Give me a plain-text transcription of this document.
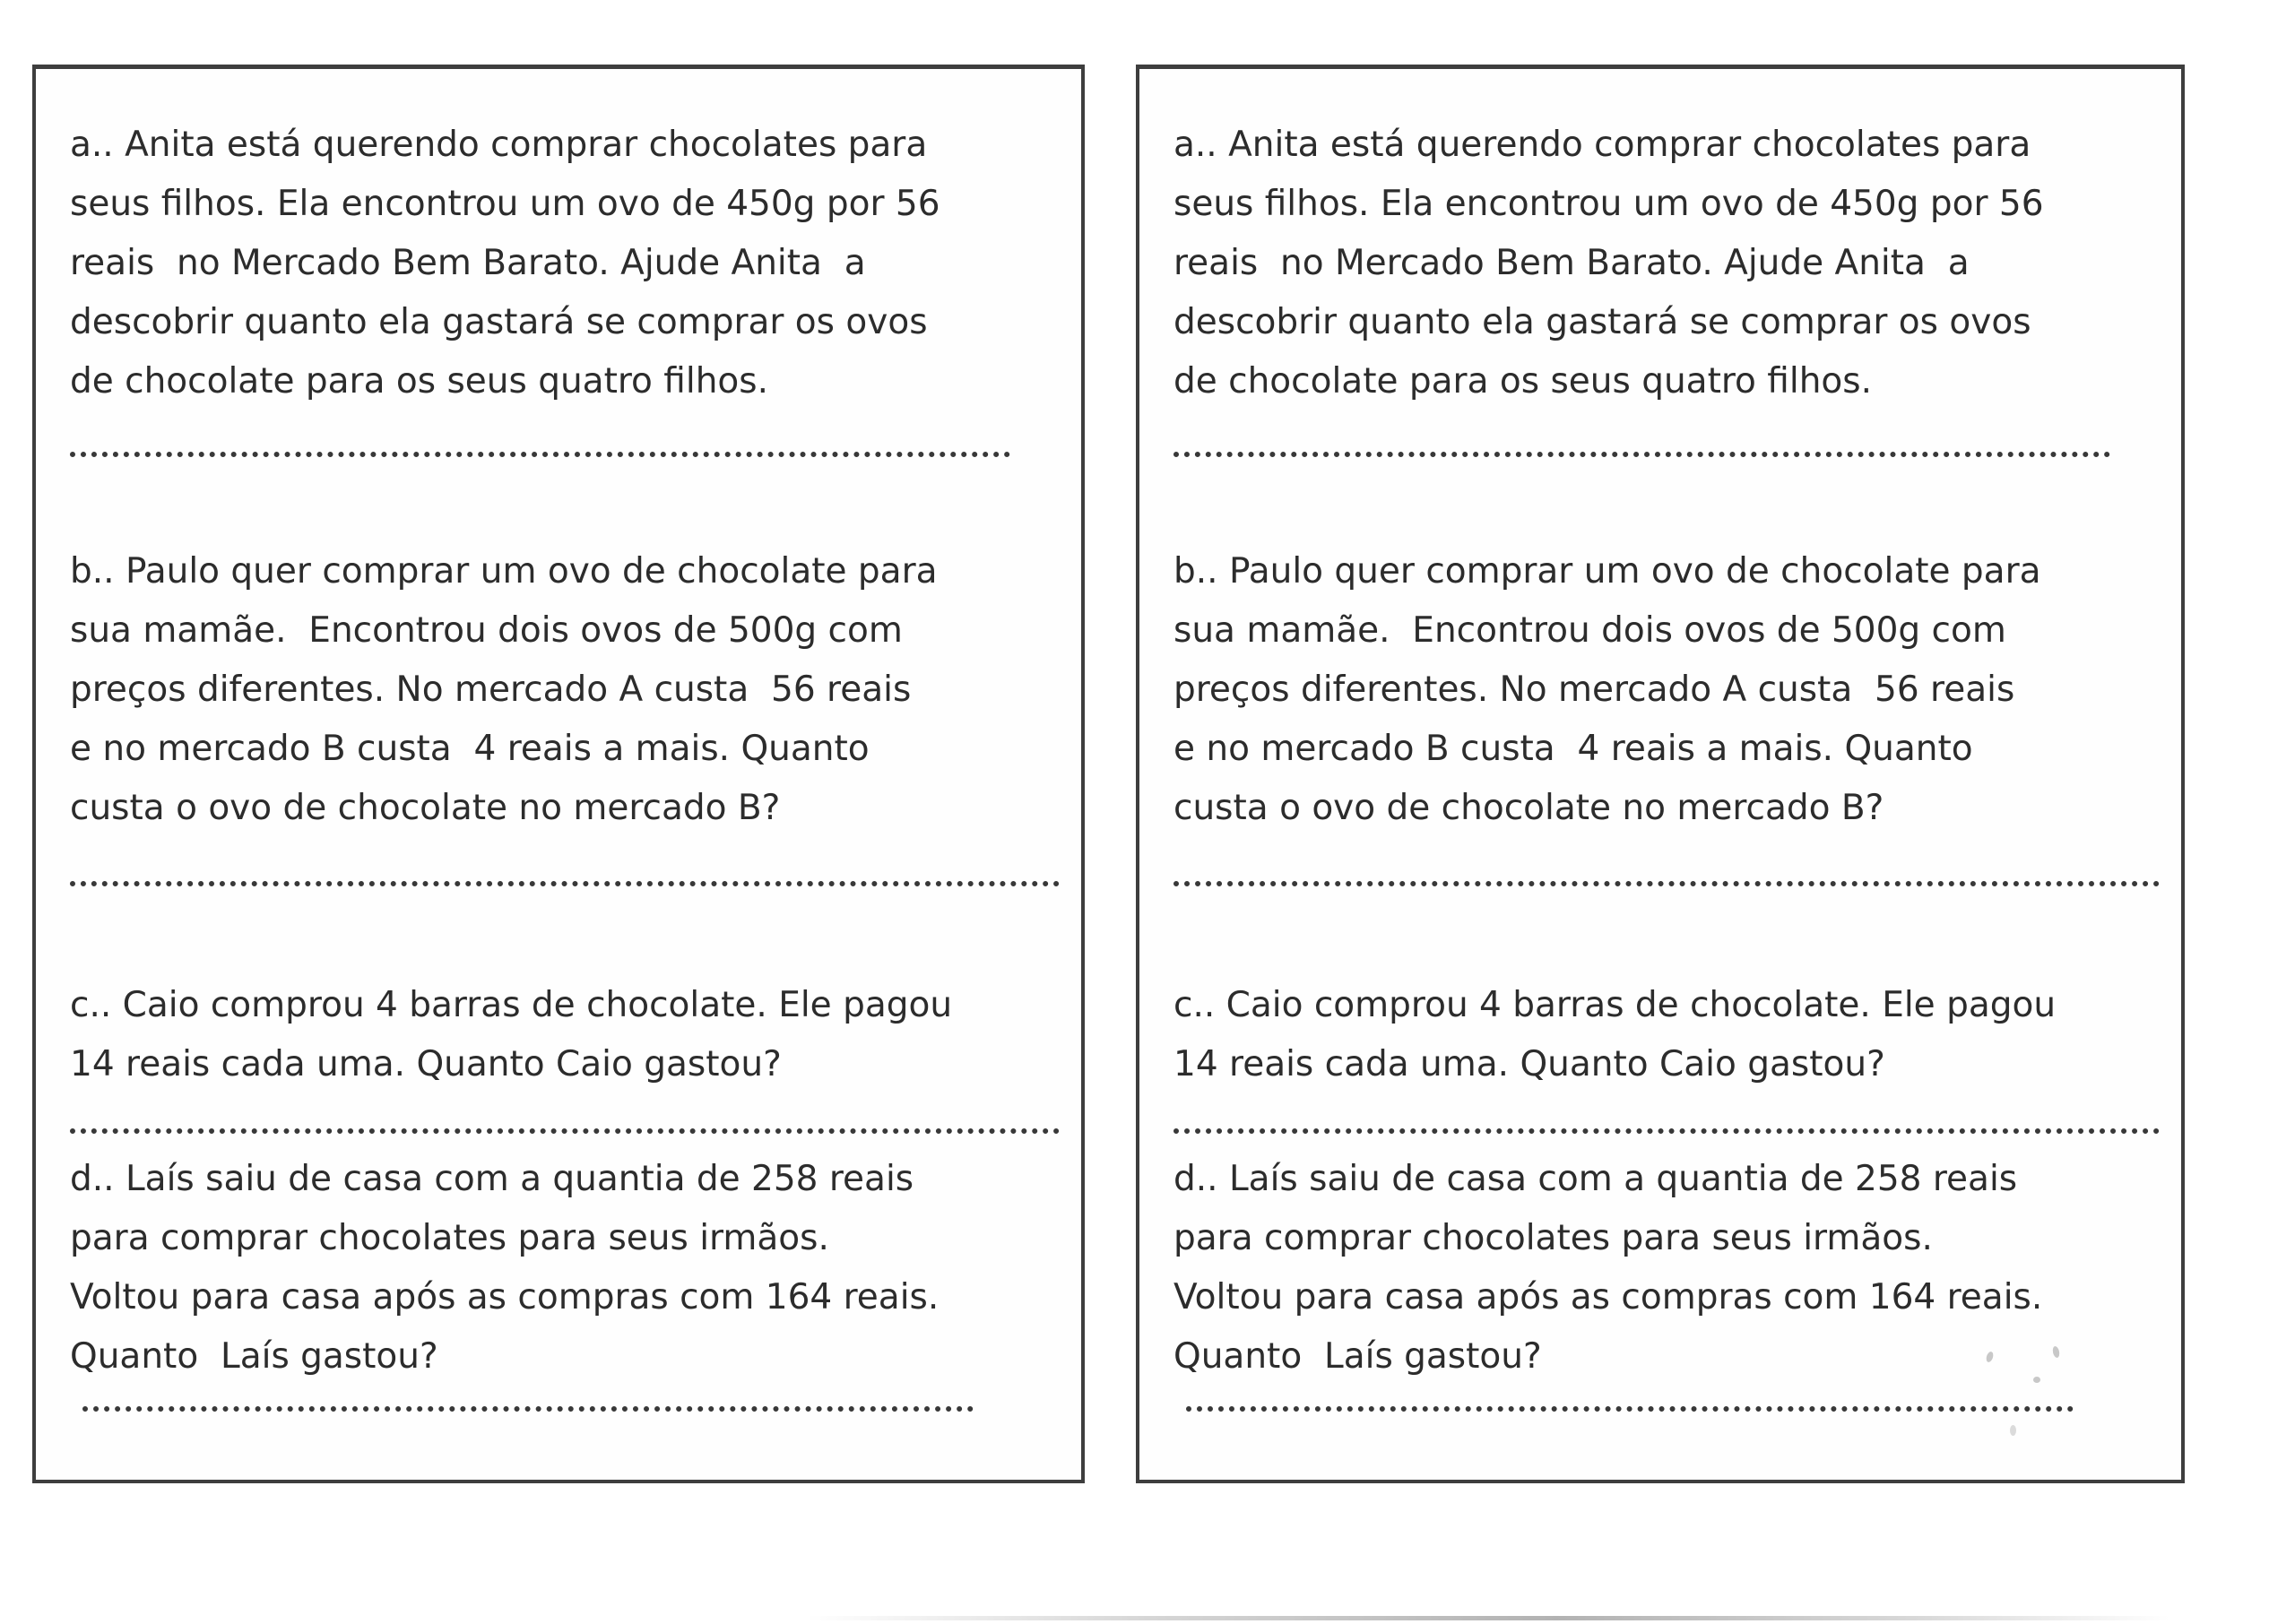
a.. Anita está querendo comprar chocolates para
seus filhos. Ela encontrou um ovo de 450g por 56
reais  no Mercado Bem Barato. Ajude Anita  a
descobrir quanto ela gastará se comprar os ovos
de chocolate para os seus quatro filhos.
b.. Paulo quer comprar um ovo de chocolate para
sua mamãe.  Encontrou dois ovos de 500g com
preços diferentes. No mercado A custa  56 reais
e no mercado B custa  4 reais a mais. Quanto
custa o ovo de chocolate no mercado B?
c.. Caio comprou 4 barras de chocolate. Ele pagou
14 reais cada uma. Quanto Caio gastou?
d.. Laís saiu de casa com a quantia de 258 reais
para comprar chocolates para seus irmãos.
Voltou para casa após as compras com 164 reais.
Quanto  Laís gastou?
a.. Anita está querendo comprar chocolates para
seus filhos. Ela encontrou um ovo de 450g por 56
reais  no Mercado Bem Barato. Ajude Anita  a
descobrir quanto ela gastará se comprar os ovos
de chocolate para os seus quatro filhos.
b.. Paulo quer comprar um ovo de chocolate para
sua mamãe.  Encontrou dois ovos de 500g com
preços diferentes. No mercado A custa  56 reais
e no mercado B custa  4 reais a mais. Quanto
custa o ovo de chocolate no mercado B?
c.. Caio comprou 4 barras de chocolate. Ele pagou
14 reais cada uma. Quanto Caio gastou?
d.. Laís saiu de casa com a quantia de 258 reais
para comprar chocolates para seus irmãos.
Voltou para casa após as compras com 164 reais.
Quanto  Laís gastou?
